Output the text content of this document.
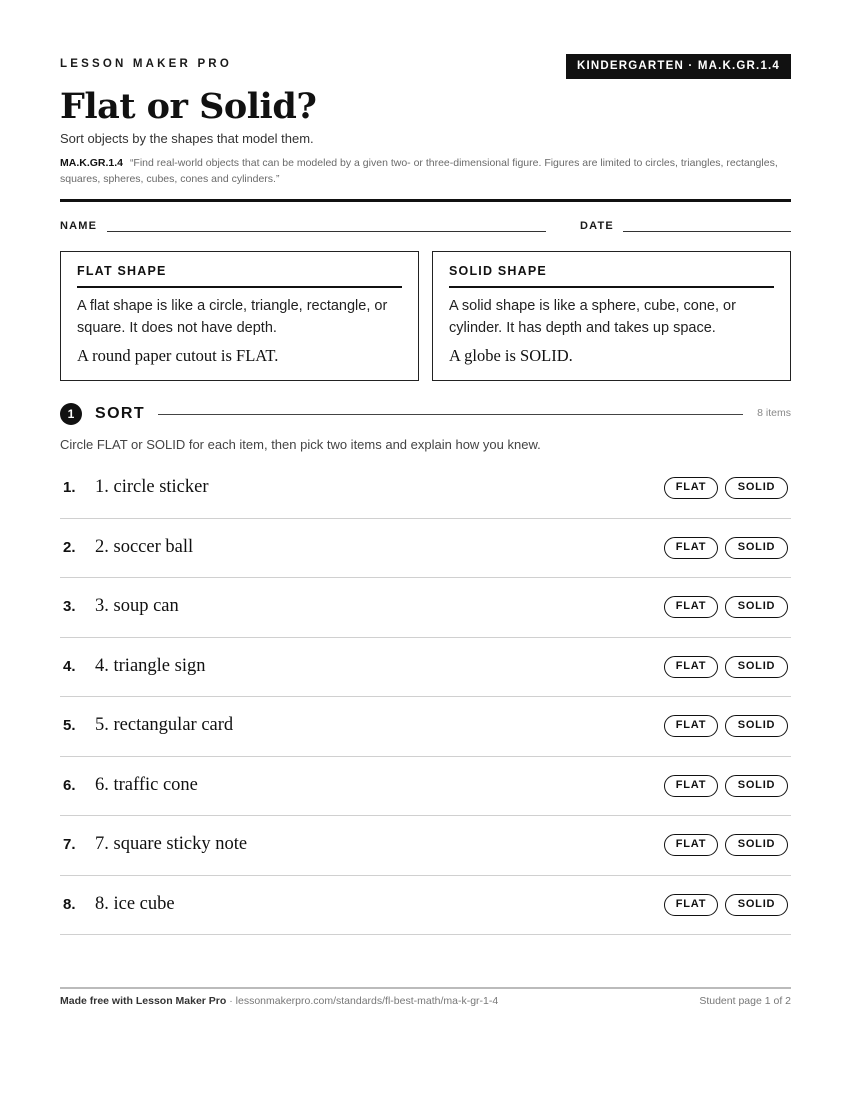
LESSON MAKER PRO	KINDERGARTEN · MA.K.GR.1.4
Flat or Solid?
Sort objects by the shapes that model them.
MA.K.GR.1.4 “Find real-world objects that can be modeled by a given two- or three-dimensional figure. Figures are limited to circles, triangles, rectangles, squares, spheres, cubes, cones and cylinders.”
NAME	DATE
FLAT SHAPE
A flat shape is like a circle, triangle, rectangle, or square. It does not have depth.
A round paper cutout is FLAT.
SOLID SHAPE
A solid shape is like a sphere, cube, cone, or cylinder. It has depth and takes up space.
A globe is SOLID.
1	SORT	8 items
Circle FLAT or SOLID for each item, then pick two items and explain how you knew.
1. 1. circle sticker	FLAT	SOLID
2. 2. soccer ball	FLAT	SOLID
3. 3. soup can	FLAT	SOLID
4. 4. triangle sign	FLAT	SOLID
5. 5. rectangular card	FLAT	SOLID
6. 6. traffic cone	FLAT	SOLID
7. 7. square sticky note	FLAT	SOLID
8. 8. ice cube	FLAT	SOLID
Made free with Lesson Maker Pro · lessonmakerpro.com/standards/fl-best-math/ma-k-gr-1-4	Student page 1 of 2
